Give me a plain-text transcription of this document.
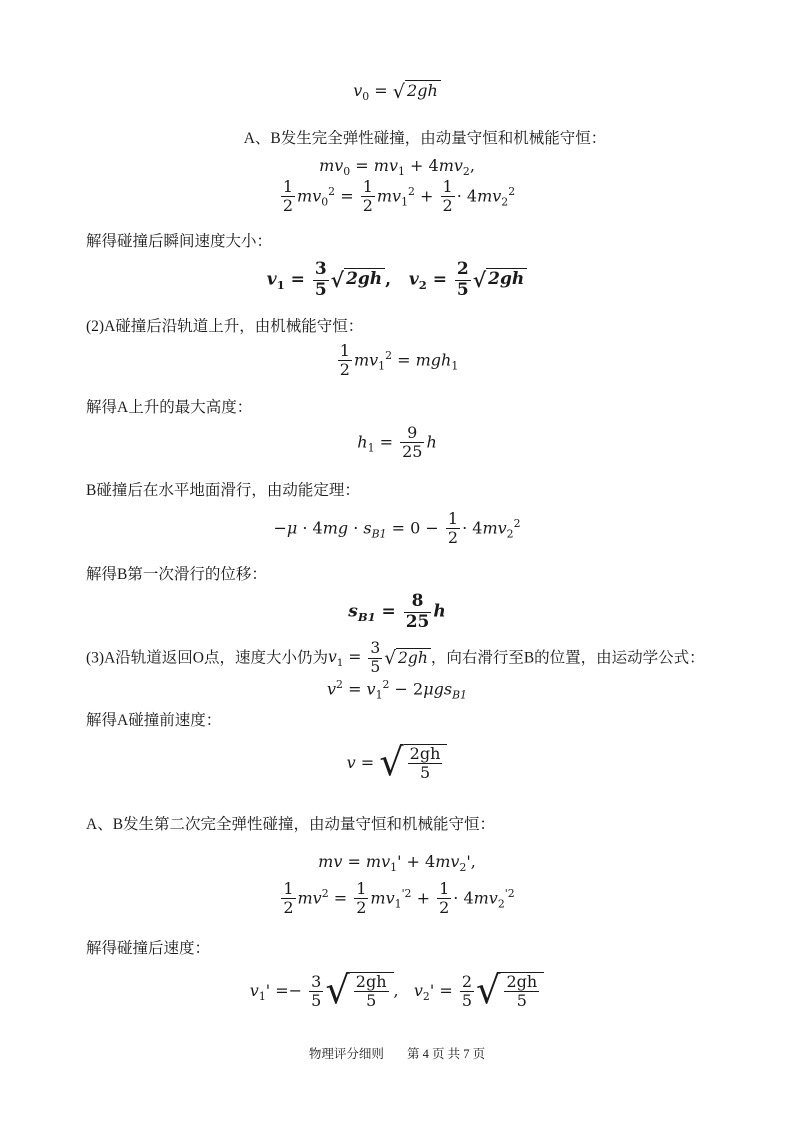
$v_0$ = √ 2gh
A、B发生完全弹性碰撞，由动量守恒和机械能守恒：
$mv_0 = mv_1 + 4mv_2$,
$\frac{1}{2} mv_0^2 = \frac{1}{2} mv_1^2 + \frac{1}{2} \cdot 4mv_2^2$
解得碰撞后瞬间速度大小：
$v_1 = \frac{3}{5}$ √ 2gh ,   $v_2 = \frac{2}{5}$ √ 2gh
(2)A碰撞后沿轨道上升，由机械能守恒：
$\frac{1}{2} mv_1^2 = mgh_1$
解得A上升的最大高度：
$h_1 = \frac{9}{25}$ h
B碰撞后在水平地面滑行，由动能定理：
$-\mu \cdot 4mg \cdot s_{B1} = 0 - \frac{1}{2} \cdot 4mv_2^2$
解得B第一次滑行的位移：
$s_{B1} = \frac{8}{25}$ h
(3)A沿轨道返回O点，速度大小仍为$v_1 = \frac{3}{5}$ √ 2gh ，向右滑行至B的位置，由运动学公式：
$v^2 = v_1^2 - 2\mu gs_{B1}$
解得A碰撞前速度：
v = √ $\frac{2gh}{5}$
A、B发生第二次完全弹性碰撞，由动量守恒和机械能守恒：
mv = $mv_1' + 4mv_2'$,
$\frac{1}{2} mv^2 = \frac{1}{2} mv_1^{'2} + \frac{1}{2} \cdot 4mv_2^{'2}$
解得碰撞后速度：
$v_1' =- \frac{3}{5}$ √ $\frac{2gh}{5}$ ,   $v_2' = \frac{2}{5}$ √ $\frac{2gh}{5}$
物理评分细则 第 4 页 共 7 页
